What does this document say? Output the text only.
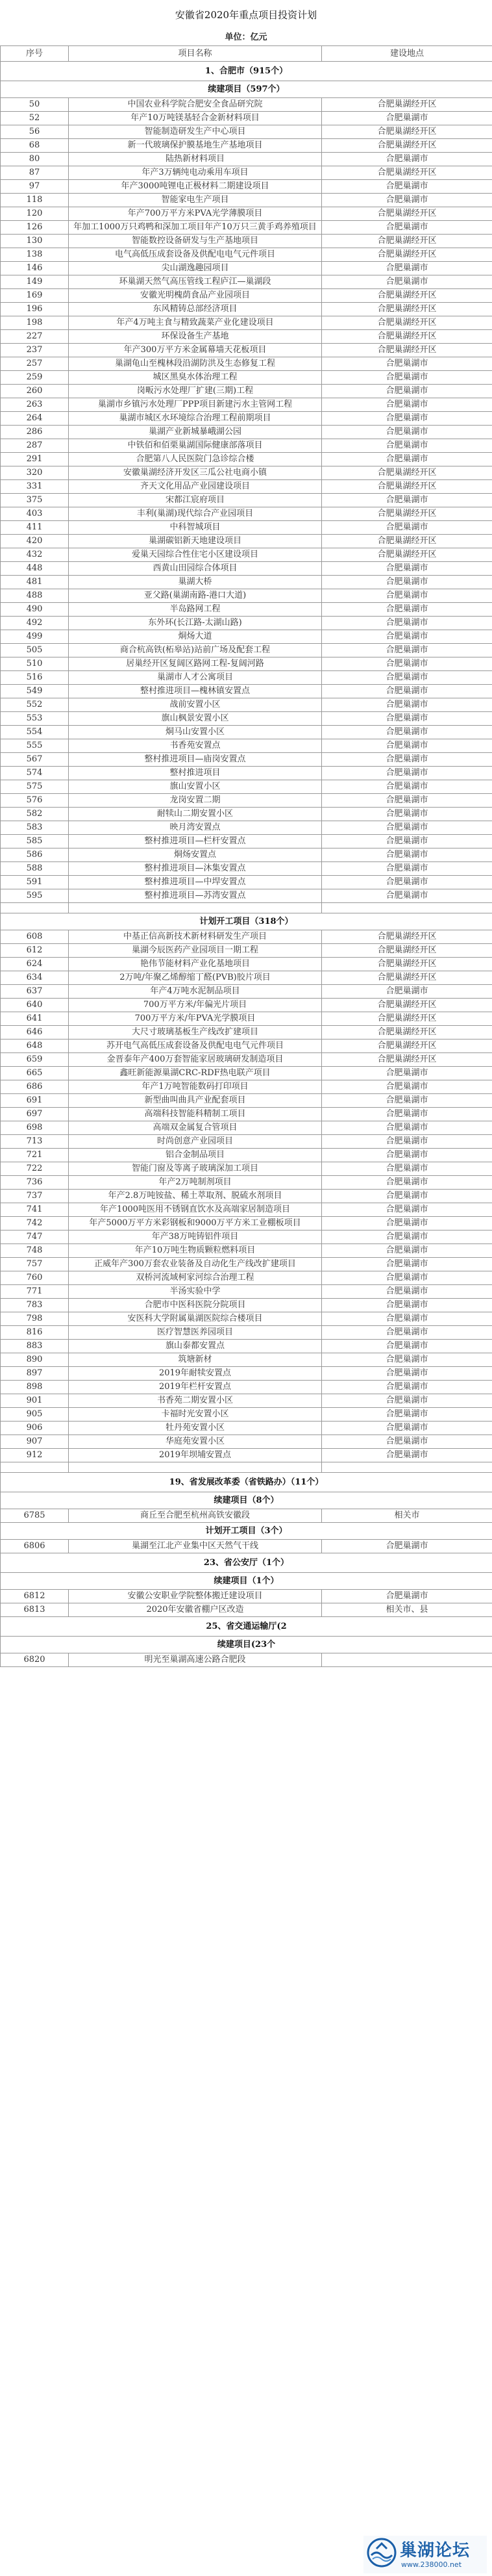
安徽省2020年重点项目投资计划
单位：亿元
序号	项目名称	建设地点
1、合肥市（915个）		
续建项目（597个）		
50	中国农业科学院合肥安全食品研究院	合肥巢湖经开区
52	年产10万吨镁基轻合金新材料项目	合肥巢湖市
56	智能制造研发生产中心项目	合肥巢湖经开区
68	新一代玻璃保护膜基地生产基地项目	合肥巢湖经开区
80	陆热新材料项目	合肥巢湖市
87	年产3万辆纯电动乘用车项目	合肥巢湖经开区
97	年产3000吨锂电正极材料二期建设项目	合肥巢湖市
118	智能家电生产项目	合肥巢湖市
120	年产700万平方米PVA光学薄膜项目	合肥巢湖经开区
126	年加工1000万只鸡鸭和深加工项目年产10万只三黄手鸡养殖项目	合肥巢湖市
130	智能数控设备研发与生产基地项目	合肥巢湖经开区
138	电气高低压成套设备及供配电电气元件项目	合肥巢湖经开区
146	尖山湖逸趣园项目	合肥巢湖市
149	环巢湖天然气高压管线工程庐江—巢湖段	合肥巢湖市
169	安徽光明槐荫食品产业园项目	合肥巢湖经开区
196	东风精铸总部经济项目	合肥巢湖经开区
198	年产4万吨主食与精致蔬菜产业化建设项目	合肥巢湖经开区
227	环保设备生产基地	合肥巢湖经开区
237	年产300万平方米金属幕墙天花板项目	合肥巢湖经开区
257	巢湖龟山至槐林段沿湖防洪及生态修复工程	合肥巢湖市
259	城区黑臭水体治理工程	合肥巢湖市
260	岗畈污水处理厂扩建(三期)工程	合肥巢湖市
263	巢湖市乡镇污水处理厂PPP项目新建污水主管网工程	合肥巢湖市
264	巢湖市城区水环境综合治理工程前期项目	合肥巢湖市
286	巢湖产业新城暴峨湖公园	合肥巢湖市
287	中铁佰和佰栗巢湖国际健康部落项目	合肥巢湖市
291	合肥第八人民医院门急诊综合楼	合肥巢湖市
320	安徽巢湖经济开发区三瓜公社电商小镇	合肥巢湖经开区
331	齐天文化用品产业园建设项目	合肥巢湖经开区
375	宋都江宸府项目	合肥巢湖市
403	丰利(巢湖)现代综合产业园项目	合肥巢湖经开区
411	中科智城项目	合肥巢湖市
420	巢湖碳铝新天地建设项目	合肥巢湖经开区
432	爱巢天园综合性住宅小区建设项目	合肥巢湖经开区
448	西黄山田园综合体项目	合肥巢湖市
481	巢湖大桥	合肥巢湖市
488	亚父路(巢湖南路-港口大道)	合肥巢湖市
490	半岛路网工程	合肥巢湖市
492	东外环(长江路-太湖山路)	合肥巢湖市
499	烔炀大道	合肥巢湖市
505	商合杭高铁(柘皋站)站前广场及配套工程	合肥巢湖市
510	居巢经开区复阔区路网工程-复阔河路	合肥巢湖市
516	巢湖市人才公寓项目	合肥巢湖市
549	整村推进项目—槐林镇安置点	合肥巢湖市
552	战前安置小区	合肥巢湖市
553	旗山枫景安置小区	合肥巢湖市
554	烔马山安置小区	合肥巢湖市
555	书香苑安置点	合肥巢湖市
567	整村推进项目—庙岗安置点	合肥巢湖市
574	整村推进项目	合肥巢湖市
575	旗山安置小区	合肥巢湖市
576	龙岗安置二期	合肥巢湖市
582	耐犊山二期安置小区	合肥巢湖市
583	映月湾安置点	合肥巢湖市
585	整村推进项目—栏杆安置点	合肥巢湖市
586	烔炀安置点	合肥巢湖市
588	整村推进项目—沐集安置点	合肥巢湖市
591	整村推进项目—中垾安置点	合肥巢湖市
595	整村推进项目—苏湾安置点	合肥巢湖市

计划开工项目（318个）		
608	中基正信高新技术新材料研发生产项目	合肥巢湖经开区
612	巢湖今辰医药产业园项目一期工程	合肥巢湖经开区
624	艳伟节能材料产业化基地项目	合肥巢湖经开区
634	2万吨/年聚乙烯醇缩丁醛(PVB)胶片项目	合肥巢湖经开区
637	年产4万吨水泥制品项目	合肥巢湖市
640	700万平方米/年偏光片项目	合肥巢湖经开区
641	700万平方米/年PVA光学膜项目	合肥巢湖经开区
646	大尺寸玻璃基板生产线改扩建项目	合肥巢湖经开区
648	苏开电气高低压成套设备及供配电电气元件项目	合肥巢湖经开区
659	金晋泰年产400万套智能家居玻璃研发制造项目	合肥巢湖经开区
665	鑫旺新能源巢湖CRC-RDF热电联产项目	合肥巢湖市
686	年产1万吨智能数码打印项目	合肥巢湖市
691	新型曲叫曲具产业配套项目	合肥巢湖市
697	高端科技智能科精制工项目	合肥巢湖市
698	高端双金属复合管项目	合肥巢湖市
713	时尚创意产业园项目	合肥巢湖市
721	铝合金制品项目	合肥巢湖市
722	智能门窗及等离子玻璃深加工项目	合肥巢湖市
736	年产2万吨制剂项目	合肥巢湖市
737	年产2.8万吨铵盐、稀土萃取剂、脱硫水剂项目	合肥巢湖市
741	年产1000吨医用不锈钢直饮水及高端家居制造项目	合肥巢湖市
742	年产5000万平方米彩钢板和9000万平方米工业棚板项目	合肥巢湖市
747	年产38万吨铸铝件项目	合肥巢湖市
748	年产10万吨生物质颗粒燃料项目	合肥巢湖市
757	正威年产300万套农业装备及自动化生产线改扩建项目	合肥巢湖市
760	双桥河流域柯家河综合治理工程	合肥巢湖市
771	半汤实验中学	合肥巢湖市
783	合肥市中医科医院分院项目	合肥巢湖市
798	安医科大学附属巢湖医院综合楼项目	合肥巢湖市
816	医疗智慧医养园项目	合肥巢湖市
883	旗山泰都安置点	合肥巢湖市
890	筑塘新材	合肥巢湖市
897	2019年耐犊安置点	合肥巢湖市
898	2019年栏杆安置点	合肥巢湖市
901	书香苑二期安置小区	合肥巢湖市
905	卡福时光安置小区	合肥巢湖市
906	牡丹苑安置小区	合肥巢湖市
907	华庭苑安置小区	合肥巢湖市
912	2019年坝埔安置点	合肥巢湖市

19、省发展改革委（省铁路办）（11个）		
续建项目（8个）		
6785	商丘至合肥至杭州高铁安徽段	相关市
计划开工项目（3个）		
6806	巢湖至江北产业集中区天然气干线	合肥巢湖市
23、省公安厅（1个）		
续建项目（1个）		
6812	安徽公安职业学院整体搬迁建设项目	合肥巢湖市
6813	2020年安徽省棚户区改造	相关市、县
25、省交通运输厅(2		
续建项目(23个		
6820	明光至巢湖高速公路合肥段	
巢湖论坛
www.238000.net
